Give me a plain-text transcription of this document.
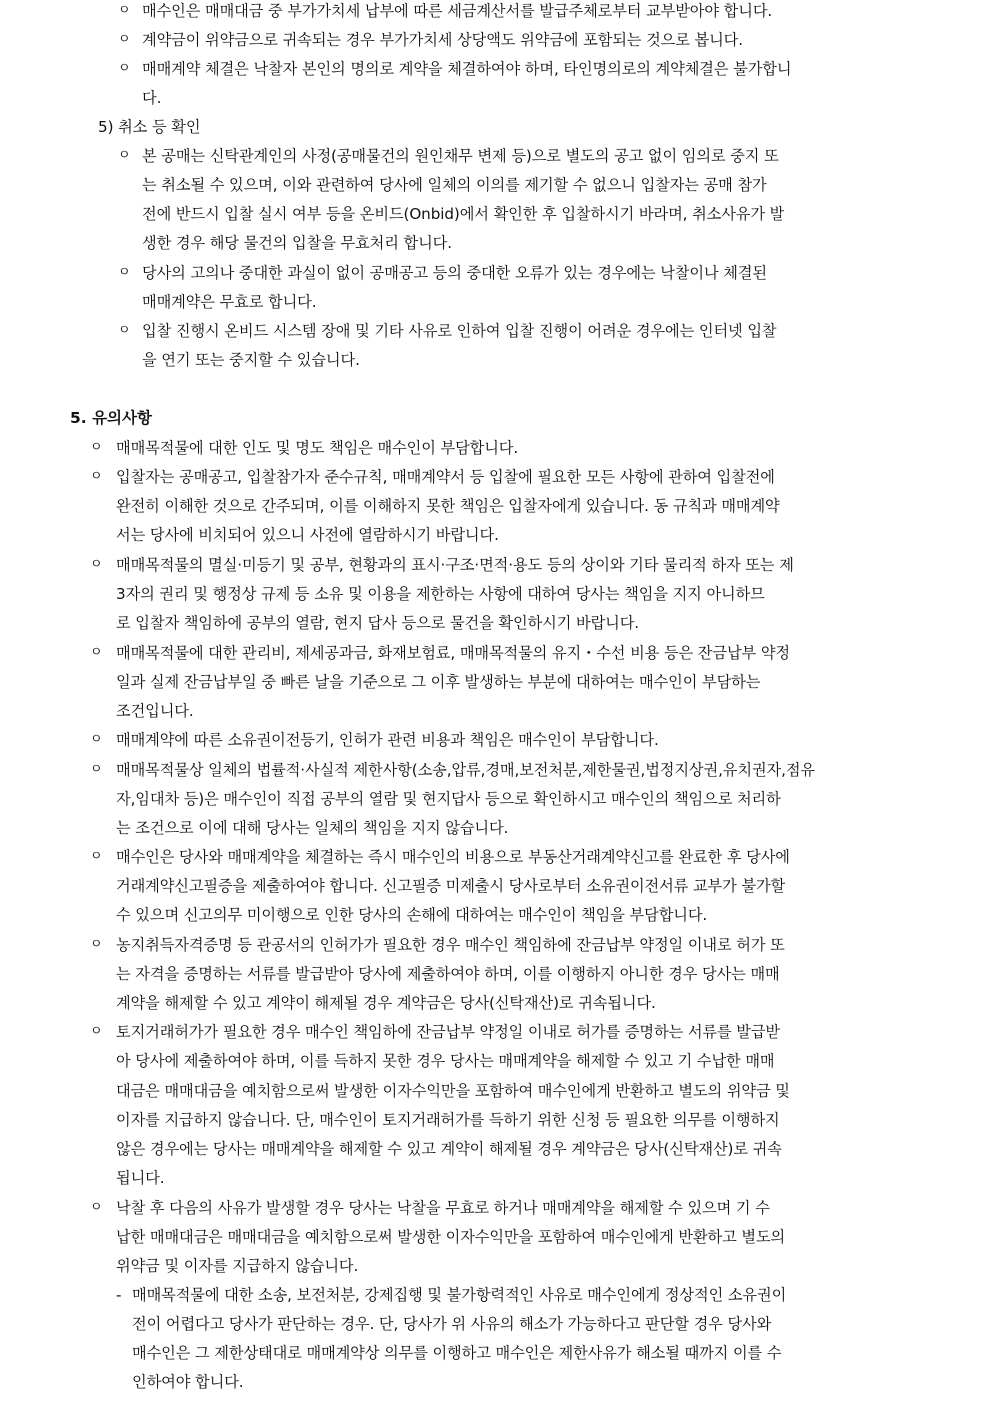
ㅇ 매수인은 매매대금 중 부가가치세 납부에 따른 세금계산서를 발급주체로부터 교부받아야 합니다.
ㅇ 계약금이 위약금으로 귀속되는 경우 부가가치세 상당액도 위약금에 포함되는 것으로 봅니다.
ㅇ 매매계약 체결은 낙찰자 본인의 명의로 계약을 체결하여야 하며, 타인명의로의 계약체결은 불가합니
다.
5) 취소 등 확인
ㅇ 본 공매는 신탁관계인의 사정(공매물건의 원인채무 변제 등)으로 별도의 공고 없이 임의로 중지 또
는 취소될 수 있으며, 이와 관련하여 당사에 일체의 이의를 제기할 수 없으니 입찰자는 공매 참가
전에 반드시 입찰 실시 여부 등을 온비드(Onbid)에서 확인한 후 입찰하시기 바라며, 취소사유가 발
생한 경우 해당 물건의 입찰을 무효처리 합니다.
ㅇ 당사의 고의나 중대한 과실이 없이 공매공고 등의 중대한 오류가 있는 경우에는 낙찰이나 체결된
매매계약은 무효로 합니다.
ㅇ 입찰 진행시 온비드 시스템 장애 및 기타 사유로 인하여 입찰 진행이 어려운 경우에는 인터넷 입찰
을 연기 또는 중지할 수 있습니다.
5. 유의사항
ㅇ 매매목적물에 대한 인도 및 명도 책임은 매수인이 부담합니다.
ㅇ 입찰자는 공매공고, 입찰참가자 준수규칙, 매매계약서 등 입찰에 필요한 모든 사항에 관하여 입찰전에
완전히 이해한 것으로 간주되며, 이를 이해하지 못한 책임은 입찰자에게 있습니다. 동 규칙과 매매계약
서는 당사에 비치되어 있으니 사전에 열람하시기 바랍니다.
ㅇ 매매목적물의 멸실·미등기 및 공부, 현황과의 표시·구조·면적·용도 등의 상이와 기타 물리적 하자 또는 제
3자의 권리 및 행정상 규제 등 소유 및 이용을 제한하는 사항에 대하여 당사는 책임을 지지 아니하므
로 입찰자 책임하에 공부의 열람, 현지 답사 등으로 물건을 확인하시기 바랍니다.
ㅇ 매매목적물에 대한 관리비, 제세공과금, 화재보험료, 매매목적물의 유지・수선 비용 등은 잔금납부 약정
일과 실제 잔금납부일 중 빠른 날을 기준으로 그 이후 발생하는 부분에 대하여는 매수인이 부담하는
조건입니다.
ㅇ 매매계약에 따른 소유권이전등기, 인허가 관련 비용과 책임은 매수인이 부담합니다.
ㅇ 매매목적물상 일체의 법률적·사실적 제한사항(소송,압류,경매,보전처분,제한물권,법정지상권,유치권자,점유
자,임대차 등)은 매수인이 직접 공부의 열람 및 현지답사 등으로 확인하시고 매수인의 책임으로 처리하
는 조건으로 이에 대해 당사는 일체의 책임을 지지 않습니다.
ㅇ 매수인은 당사와 매매계약을 체결하는 즉시 매수인의 비용으로 부동산거래계약신고를 완료한 후 당사에
거래계약신고필증을 제출하여야 합니다. 신고필증 미제출시 당사로부터 소유권이전서류 교부가 불가할
수 있으며 신고의무 미이행으로 인한 당사의 손해에 대하여는 매수인이 책임을 부담합니다.
ㅇ 농지취득자격증명 등 관공서의 인허가가 필요한 경우 매수인 책임하에 잔금납부 약정일 이내로 허가 또
는 자격을 증명하는 서류를 발급받아 당사에 제출하여야 하며, 이를 이행하지 아니한 경우 당사는 매매
계약을 해제할 수 있고 계약이 해제될 경우 계약금은 당사(신탁재산)로 귀속됩니다.
ㅇ 토지거래허가가 필요한 경우 매수인 책임하에 잔금납부 약정일 이내로 허가를 증명하는 서류를 발급받
아 당사에 제출하여야 하며, 이를 득하지 못한 경우 당사는 매매계약을 해제할 수 있고 기 수납한 매매
대금은 매매대금을 예치함으로써 발생한 이자수익만을 포함하여 매수인에게 반환하고 별도의 위약금 및
이자를 지급하지 않습니다. 단, 매수인이 토지거래허가를 득하기 위한 신청 등 필요한 의무를 이행하지
않은 경우에는 당사는 매매계약을 해제할 수 있고 계약이 해제될 경우 계약금은 당사(신탁재산)로 귀속
됩니다.
ㅇ 낙찰 후 다음의 사유가 발생할 경우 당사는 낙찰을 무효로 하거나 매매계약을 해제할 수 있으며 기 수
납한 매매대금은 매매대금을 예치함으로써 발생한 이자수익만을 포함하여 매수인에게 반환하고 별도의
위약금 및 이자를 지급하지 않습니다.
- 매매목적물에 대한 소송, 보전처분, 강제집행 및 불가항력적인 사유로 매수인에게 정상적인 소유권이
전이 어렵다고 당사가 판단하는 경우. 단, 당사가 위 사유의 해소가 가능하다고 판단할 경우 당사와
매수인은 그 제한상태대로 매매계약상 의무를 이행하고 매수인은 제한사유가 해소될 때까지 이를 수
인하여야 합니다.
